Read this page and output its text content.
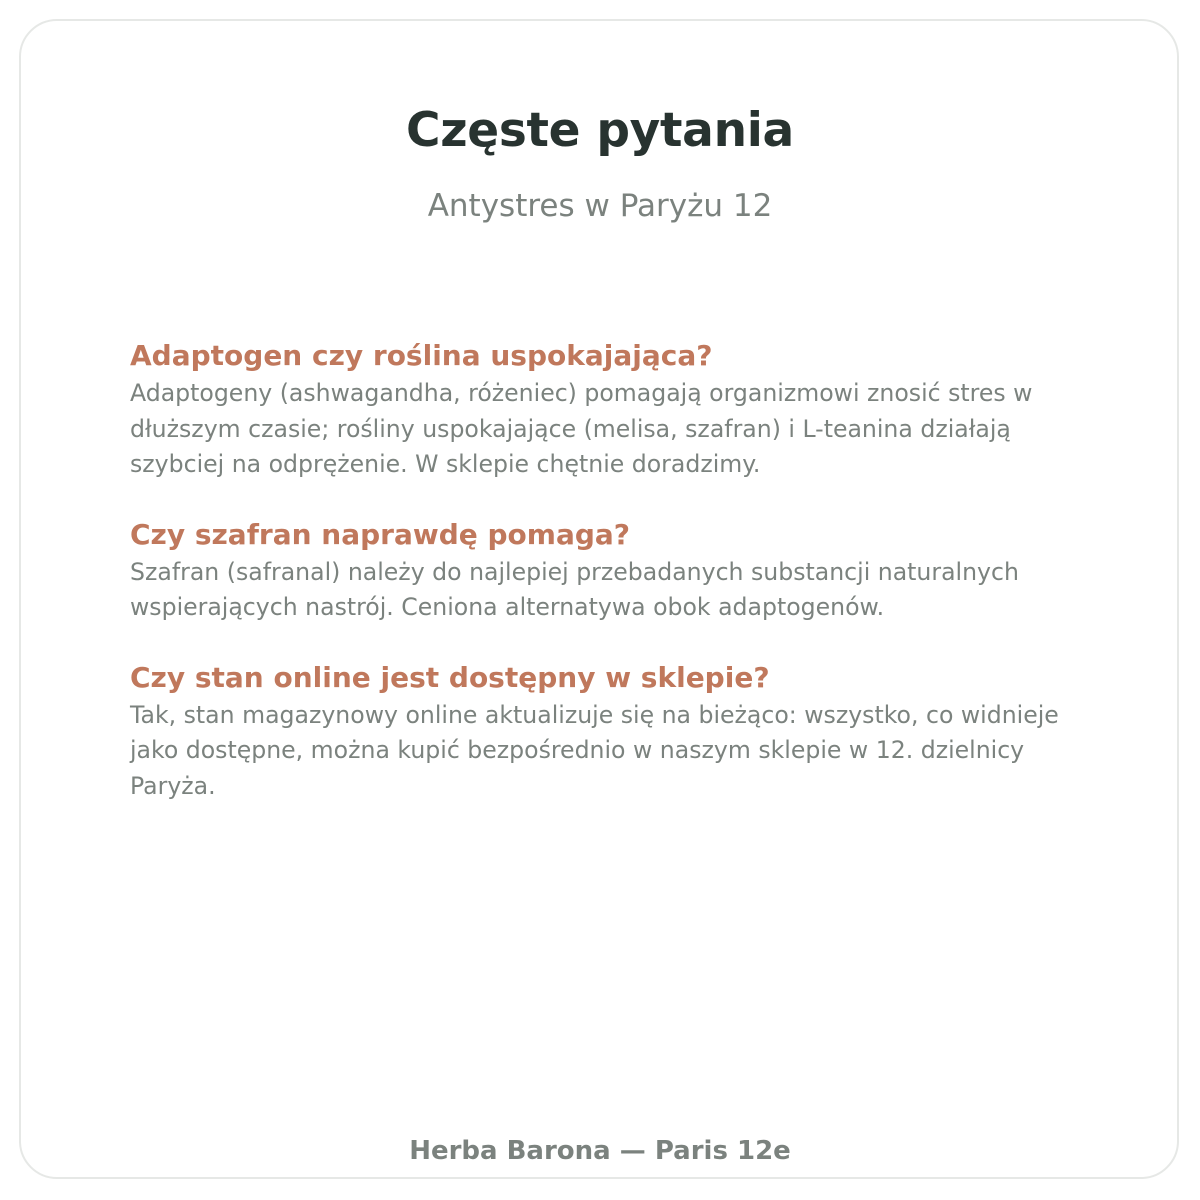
Częste pytania
Antystres w Paryżu 12
Adaptogen czy roślina uspokajająca?

Adaptogeny (ashwagandha, różeniec) pomagają organizmowi znosić stres w dłuższym czasie; rośliny uspokajające (melisa, szafran) i L-teanina działają szybciej na odprężenie. W sklepie chętnie doradzimy.

Czy szafran naprawdę pomaga?

Szafran (safranal) należy do najlepiej przebadanych substancji naturalnych wspierających nastrój. Ceniona alternatywa obok adaptogenów.

Czy stan online jest dostępny w sklepie?

Tak, stan magazynowy online aktualizuje się na bieżąco: wszystko, co widnieje jako dostępne, można kupić bezpośrednio w naszym sklepie w 12. dzielnicy Paryża.

Herba Barona — Paris 12e
